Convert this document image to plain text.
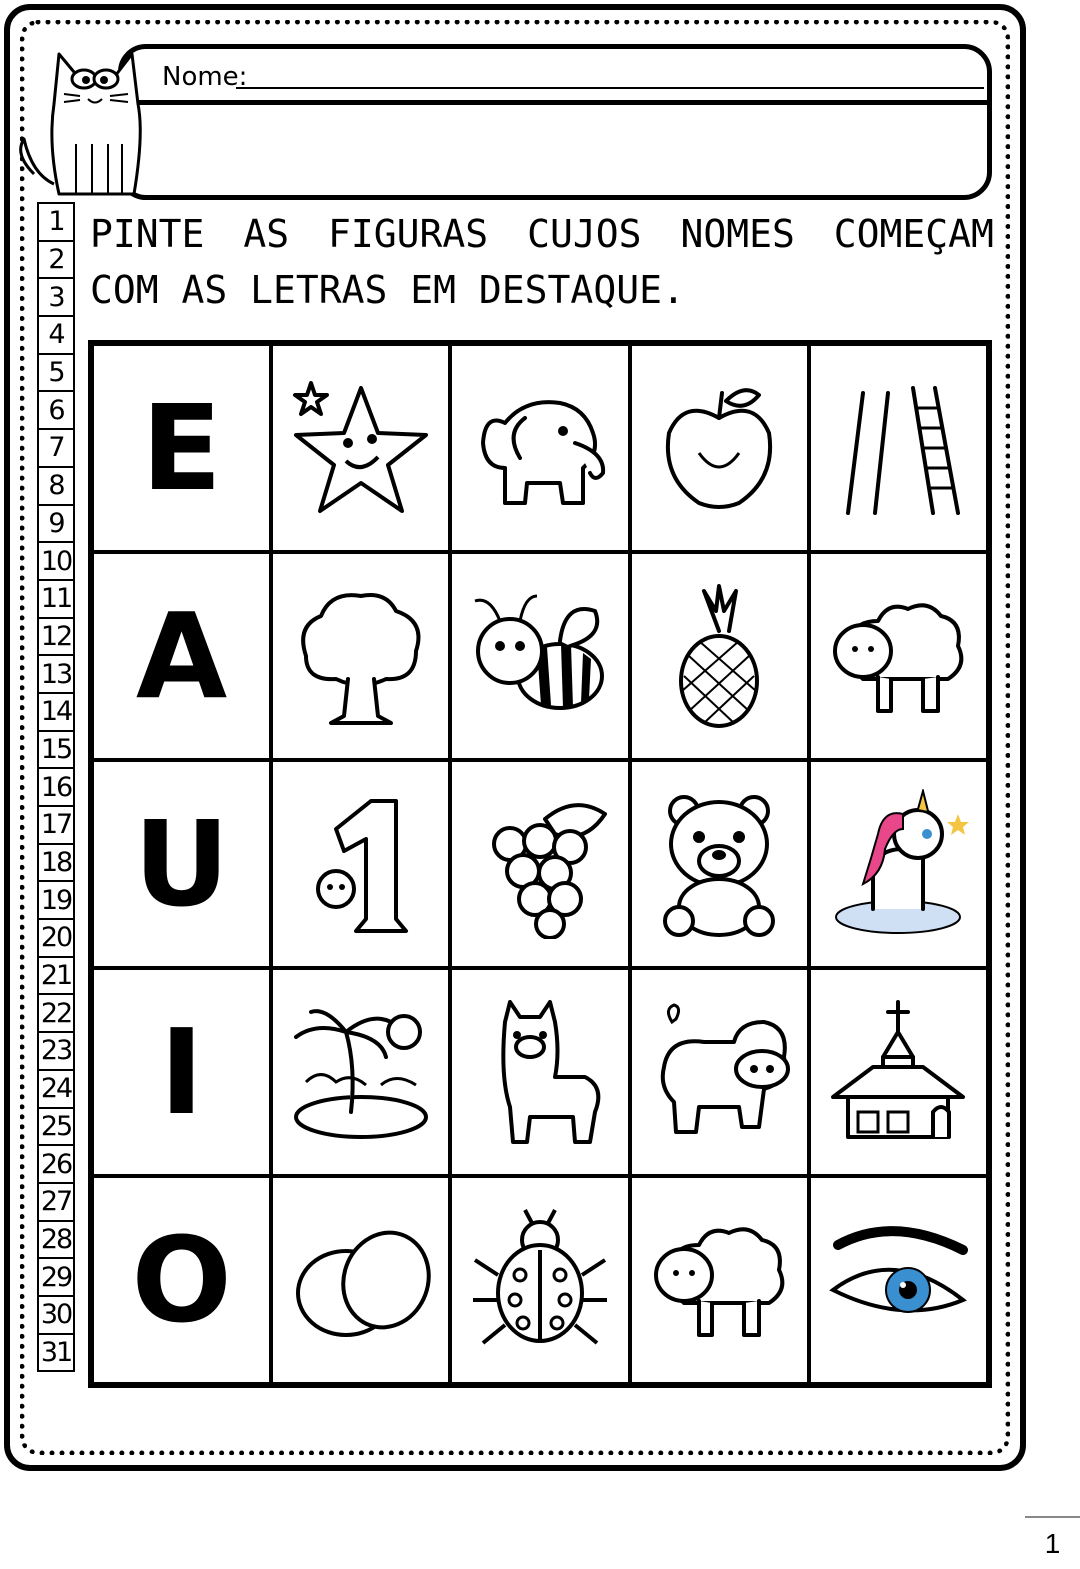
Nome:
1
2
3
4
5
6
7
8
9
10
11
12
13
14
15
16
17
18
19
20
21
22
23
24
25
26
27
28
29
30
31
PINTE AS FIGURAS CUJOS NOMES COMEÇAM
COM AS LETRAS EM DESTAQUE.
E
A
U
I
O
1
